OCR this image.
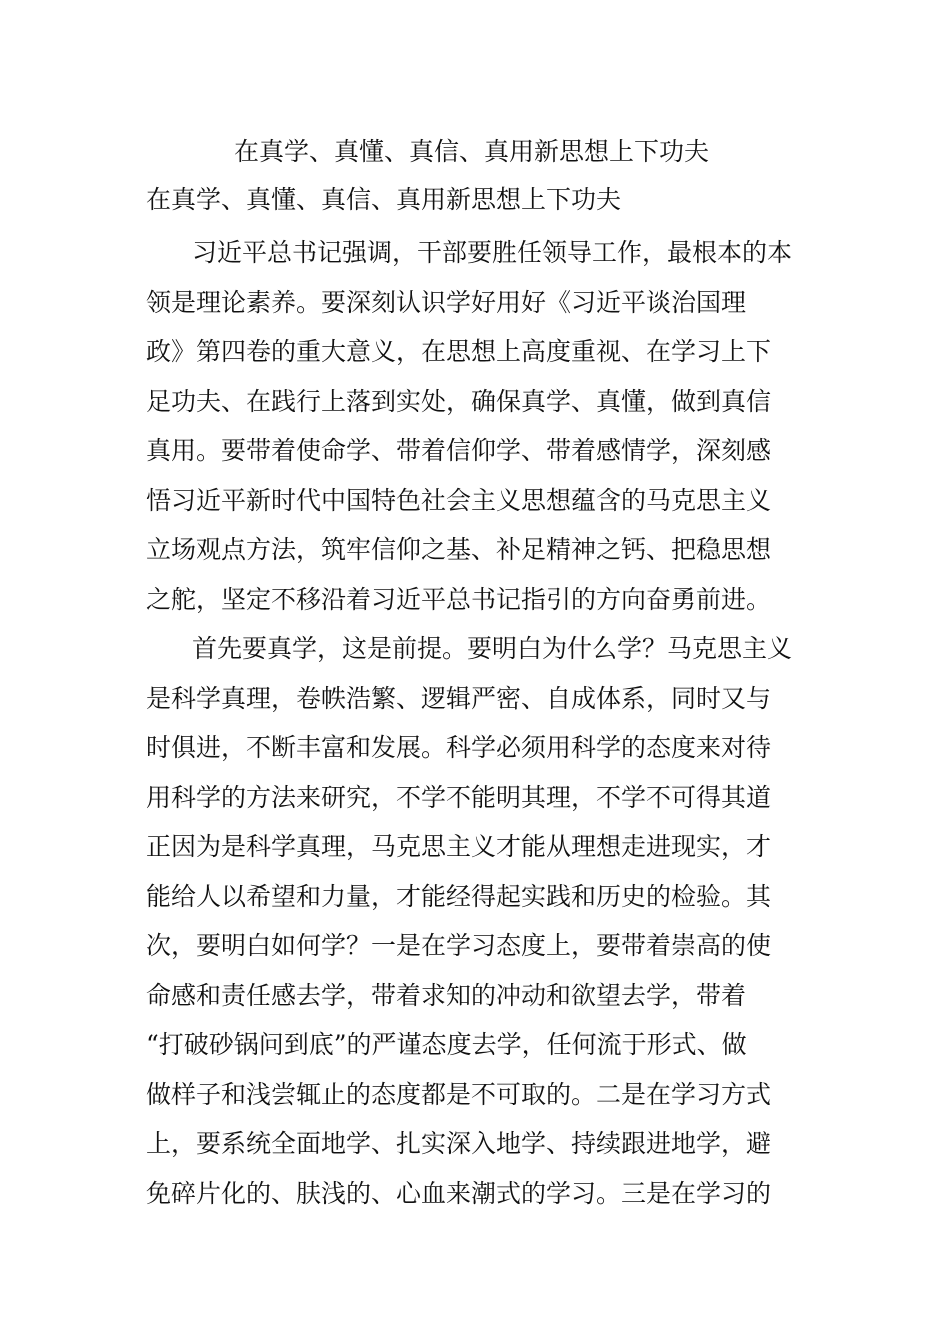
在真学、真懂、真信、真用新思想上下功夫
在真学、真懂、真信、真用新思想上下功夫
习近平总书记强调，干部要胜任领导工作，最根本的本
领是理论素养。要深刻认识学好用好《习近平谈治国理
政》第四卷的重大意义，在思想上高度重视、在学习上下
足功夫、在践行上落到实处，确保真学、真懂，做到真信
真用。要带着使命学、带着信仰学、带着感情学，深刻感
悟习近平新时代中国特色社会主义思想蕴含的马克思主义
立场观点方法，筑牢信仰之基、补足精神之钙、把稳思想
之舵，坚定不移沿着习近平总书记指引的方向奋勇前进。
首先要真学，这是前提。要明白为什么学？马克思主义
是科学真理，卷帙浩繁、逻辑严密、自成体系，同时又与
时俱进，不断丰富和发展。科学必须用科学的态度来对待
用科学的方法来研究，不学不能明其理，不学不可得其道
正因为是科学真理，马克思主义才能从理想走进现实，才
能给人以希望和力量，才能经得起实践和历史的检验。其
次，要明白如何学？一是在学习态度上，要带着崇高的使
命感和责任感去学，带着求知的冲动和欲望去学，带着
“打破砂锅问到底”的严谨态度去学，任何流于形式、做
做样子和浅尝辄止的态度都是不可取的。二是在学习方式
上，要系统全面地学、扎实深入地学、持续跟进地学，避
免碎片化的、肤浅的、心血来潮式的学习。三是在学习的
